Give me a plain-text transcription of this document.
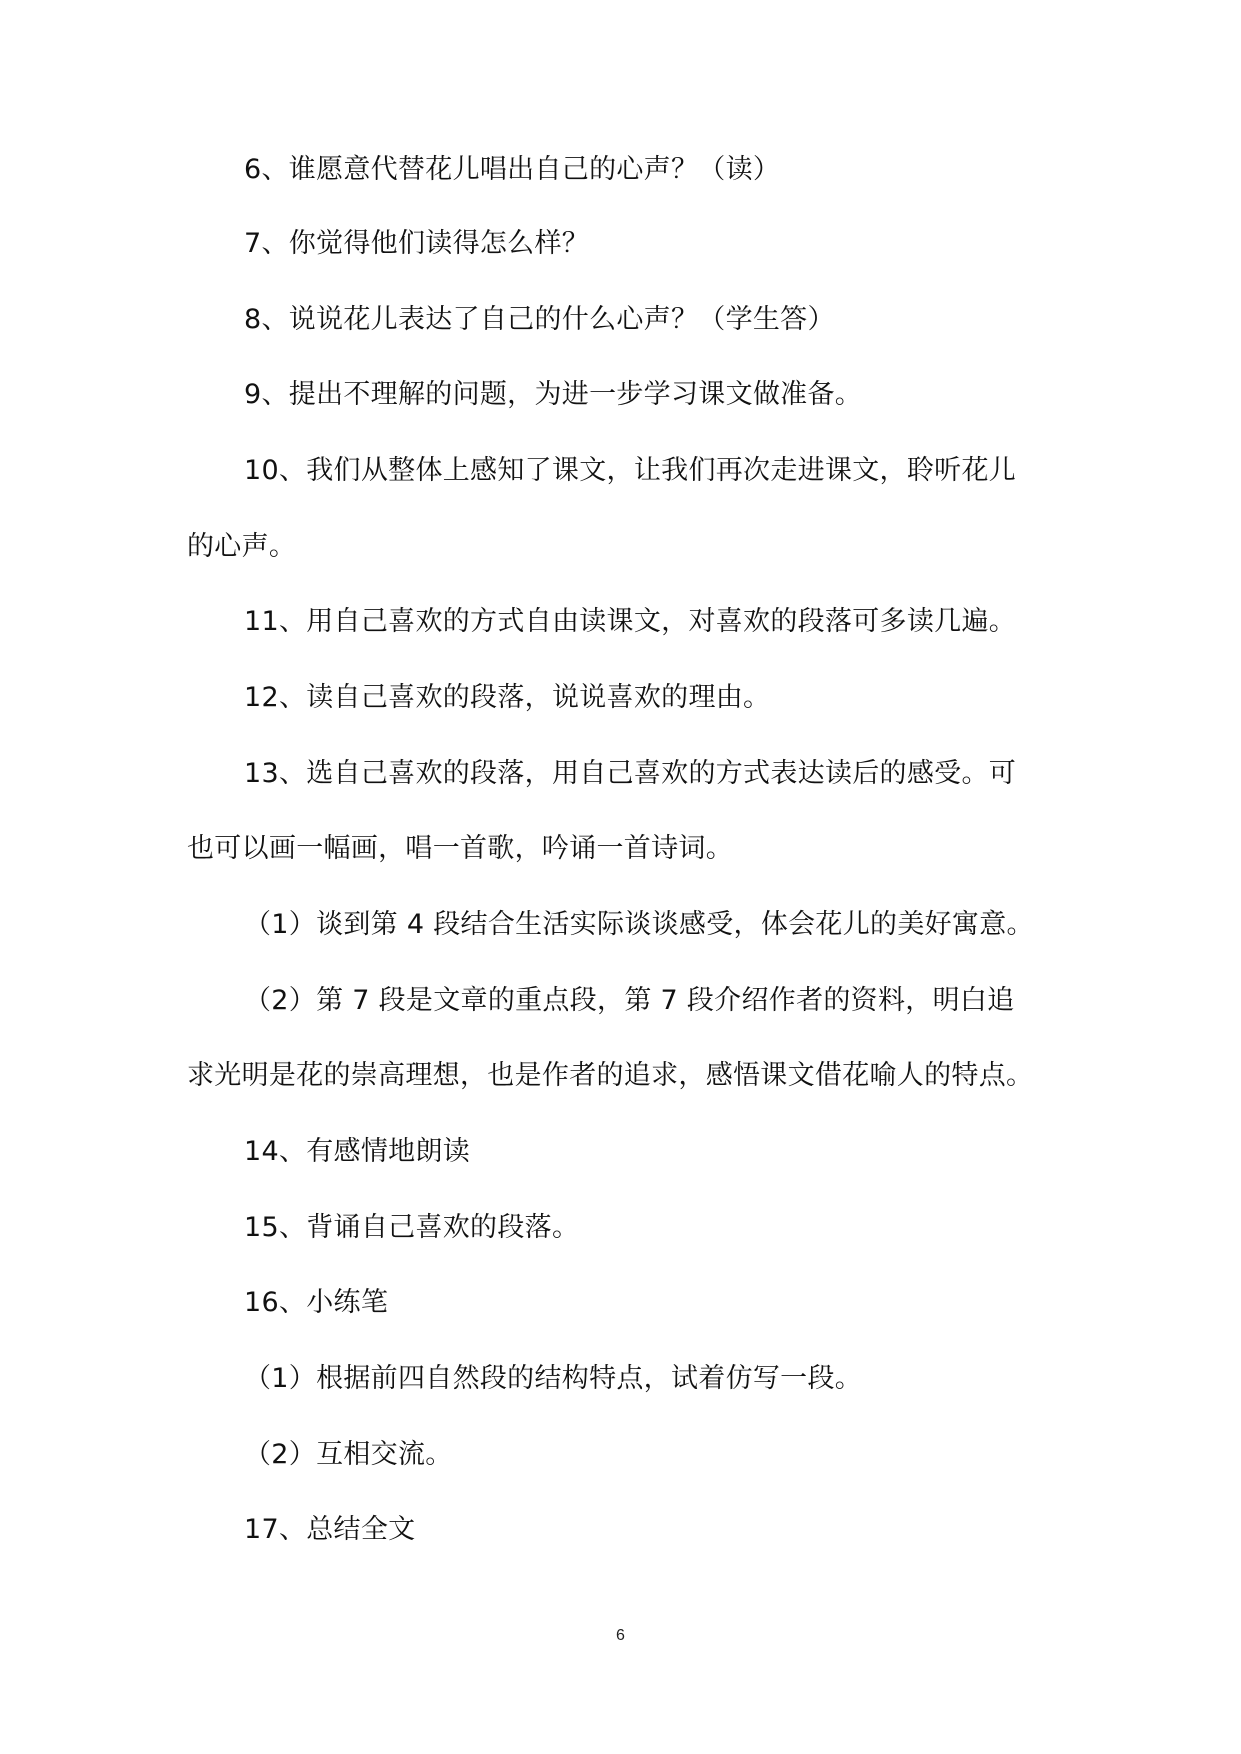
6、谁愿意代替花儿唱出自己的心声？（读）
7、你觉得他们读得怎么样？
8、说说花儿表达了自己的什么心声？（学生答）
9、提出不理解的问题，为进一步学习课文做准备。
10、我们从整体上感知了课文，让我们再次走进课文，聆听花儿
的心声。
11、用自己喜欢的方式自由读课文，对喜欢的段落可多读几遍。
12、读自己喜欢的段落，说说喜欢的理由。
13、选自己喜欢的段落，用自己喜欢的方式表达读后的感受。可
也可以画一幅画，唱一首歌，吟诵一首诗词。
（1）谈到第 4 段结合生活实际谈谈感受，体会花儿的美好寓意。
（2）第 7 段是文章的重点段，第 7 段介绍作者的资料，明白追
求光明是花的崇高理想，也是作者的追求，感悟课文借花喻人的特点。
14、有感情地朗读
15、背诵自己喜欢的段落。
16、小练笔
（1）根据前四自然段的结构特点，试着仿写一段。
（2）互相交流。
17、总结全文
6
